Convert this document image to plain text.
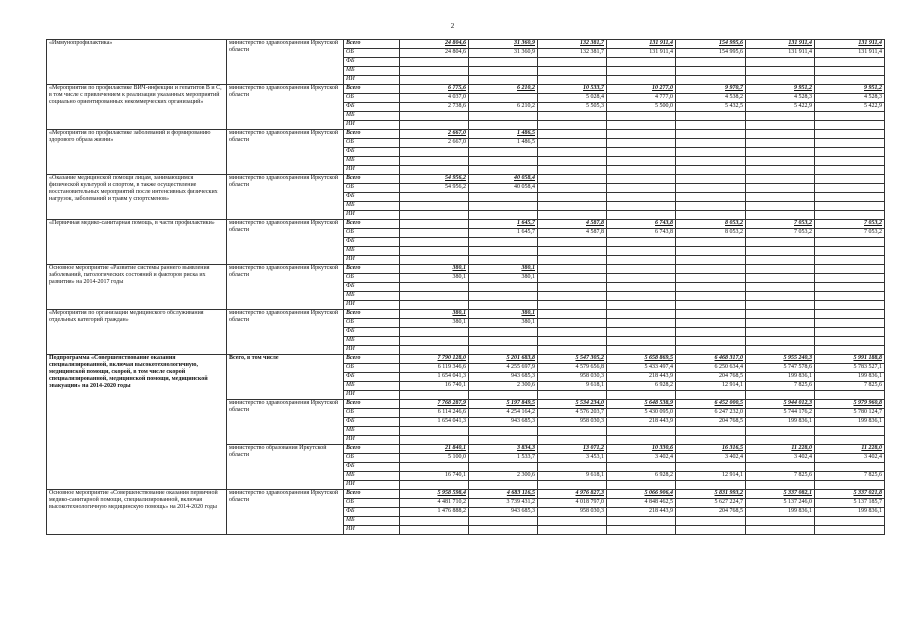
2
«Иммунопрофилактика»	министерство здравоохранения Иркутской области	Всего	24 804,6	31 360,9	132 381,7	131 911,4	154 995,6	131 911,4	131 911,4
		ОБ	24 804,6	31 360,9	132 381,7	131 911,4	154 995,6	131 911,4	131 911,4
		ФБ							
		МБ							
		ИИ							
«Мероприятия по профилактике ВИЧ-инфекции и гепатитов В и С, в том числе с привлечением к реализации указанных мероприятий социально ориентированных некоммерческих организаций»	министерство здравоохранения Иркутской области	Всего	6 775,6	6 210,2	10 533,7	10 277,0	9 970,7	9 951,2	9 951,2
		ОБ	4 037,0		5 028,4	4 777,0	4 538,2	4 528,3	4 528,3
		ФБ	2 738,6	6 210,2	5 505,3	5 500,0	5 432,5	5 422,9	5 422,9
		МБ							
		ИИ							
«Мероприятия по профилактике заболеваний и формированию здорового образа жизни»	министерство здравоохранения Иркутской области	Всего	2 667,0	1 486,5					
		ОБ	2 667,0	1 486,5					
		ФБ							
		МБ							
		ИИ							
«Оказание медицинской помощи лицам, занимающимся физической культурой и спортом, в также осуществление восстановительных мероприятий после интенсивных физических нагрузок, заболеваний и травм у спортсменов»	министерство здравоохранения Иркутской области	Всего	54 956,2	40 058,4					
		ОБ	54 956,2	40 058,4					
		ФБ							
		МБ							
		ИИ							
«Первичная медико-санитарная помощь, в части профилактики»	министерство здравоохранения Иркутской области	Всего		1 645,7	4 587,8	6 743,8	8 053,2	7 053,2	7 053,2
		ОБ		1 645,7	4 587,8	6 743,8	8 053,2	7 053,2	7 053,2
		ФБ							
		МБ							
		ИИ							
Основное мероприятие «Развитие системы раннего выявления заболеваний, патологических состояний и факторов риска их развития» на 2014-2017 годы	министерство здравоохранения Иркутской области	Всего	380,1	380,1					
		ОБ	380,1	380,1					
		ФБ							
		МБ							
		ИИ							
«Мероприятия по организации медицинского обслуживания отдельных категорий граждан»	министерство здравоохранения Иркутской области	Всего	380,1	380,1					
		ОБ	380,1	380,1					
		ФБ							
		МБ							
		ИИ							
Подпрограмма «Совершенствование оказания специализированной, включая высокотехнологичную, медицинской помощи, скорой, в том числе скорой специализированной, медицинской помощи, медицинской эвакуации» на 2014-2020 годы	Всего, в том числе	Всего	7 790 128,0	5 201 683,8	5 547 305,2	5 658 869,5	6 468 317,0	5 955 240,3	5 991 188,8
		ОБ	6 119 346,6	4 255 697,9	4 579 656,8	5 433 497,4	6 250 634,4	5 747 578,6	5 783 527,1
		ФБ	1 654 041,3	943 685,3	958 030,3	218 443,9	204 768,5	199 836,1	199 836,1
		МБ	16 740,1	2 300,6	9 618,1	6 928,2	12 914,1	7 825,6	7 825,6
		ИИ							
	министерство здравоохранения Иркутской области	Всего	7 768 287,9	5 197 849,5	5 534 234,0	5 648 538,9	6 452 000,5	5 944 012,3	5 979 960,8
		ОБ	6 114 246,6	4 254 164,2	4 576 203,7	5 430 095,0	6 247 232,0	5 744 176,2	5 780 124,7
		ФБ	1 654 041,3	943 685,3	958 030,3	218 443,9	204 768,5	199 836,1	199 836,1
		МБ							
		ИИ							
	министерство образования Иркутской области	Всего	21 840,1	3 834,3	13 071,2	10 330,6	16 316,5	11 228,0	11 228,0
		ОБ	5 100,0	1 533,7	3 453,1	3 402,4	3 402,4	3 402,4	3 402,4
		ФБ							
		МБ	16 740,1	2 300,6	9 618,1	6 928,2	12 914,1	7 825,6	7 825,6
		ИИ							
Основное мероприятие «Совершенствование оказания первичной медико-санитарной помощи, специализированной, включая высокотехнологичную медицинскую помощь» на 2014-2020 годы	министерство здравоохранения Иркутской области	Всего	5 958 598,4	4 683 116,5	4 976 827,3	5 066 906,4	5 831 993,2	5 337 082,1	5 337 021,8
		ОБ	4 481 710,2	3 739 431,2	4 018 797,0	4 848 462,5	5 627 224,7	5 137 246,0	5 137 185,7
		ФБ	1 476 888,2	943 685,3	958 030,3	218 443,9	204 768,5	199 836,1	199 836,1
		МБ							
		ИИ							
